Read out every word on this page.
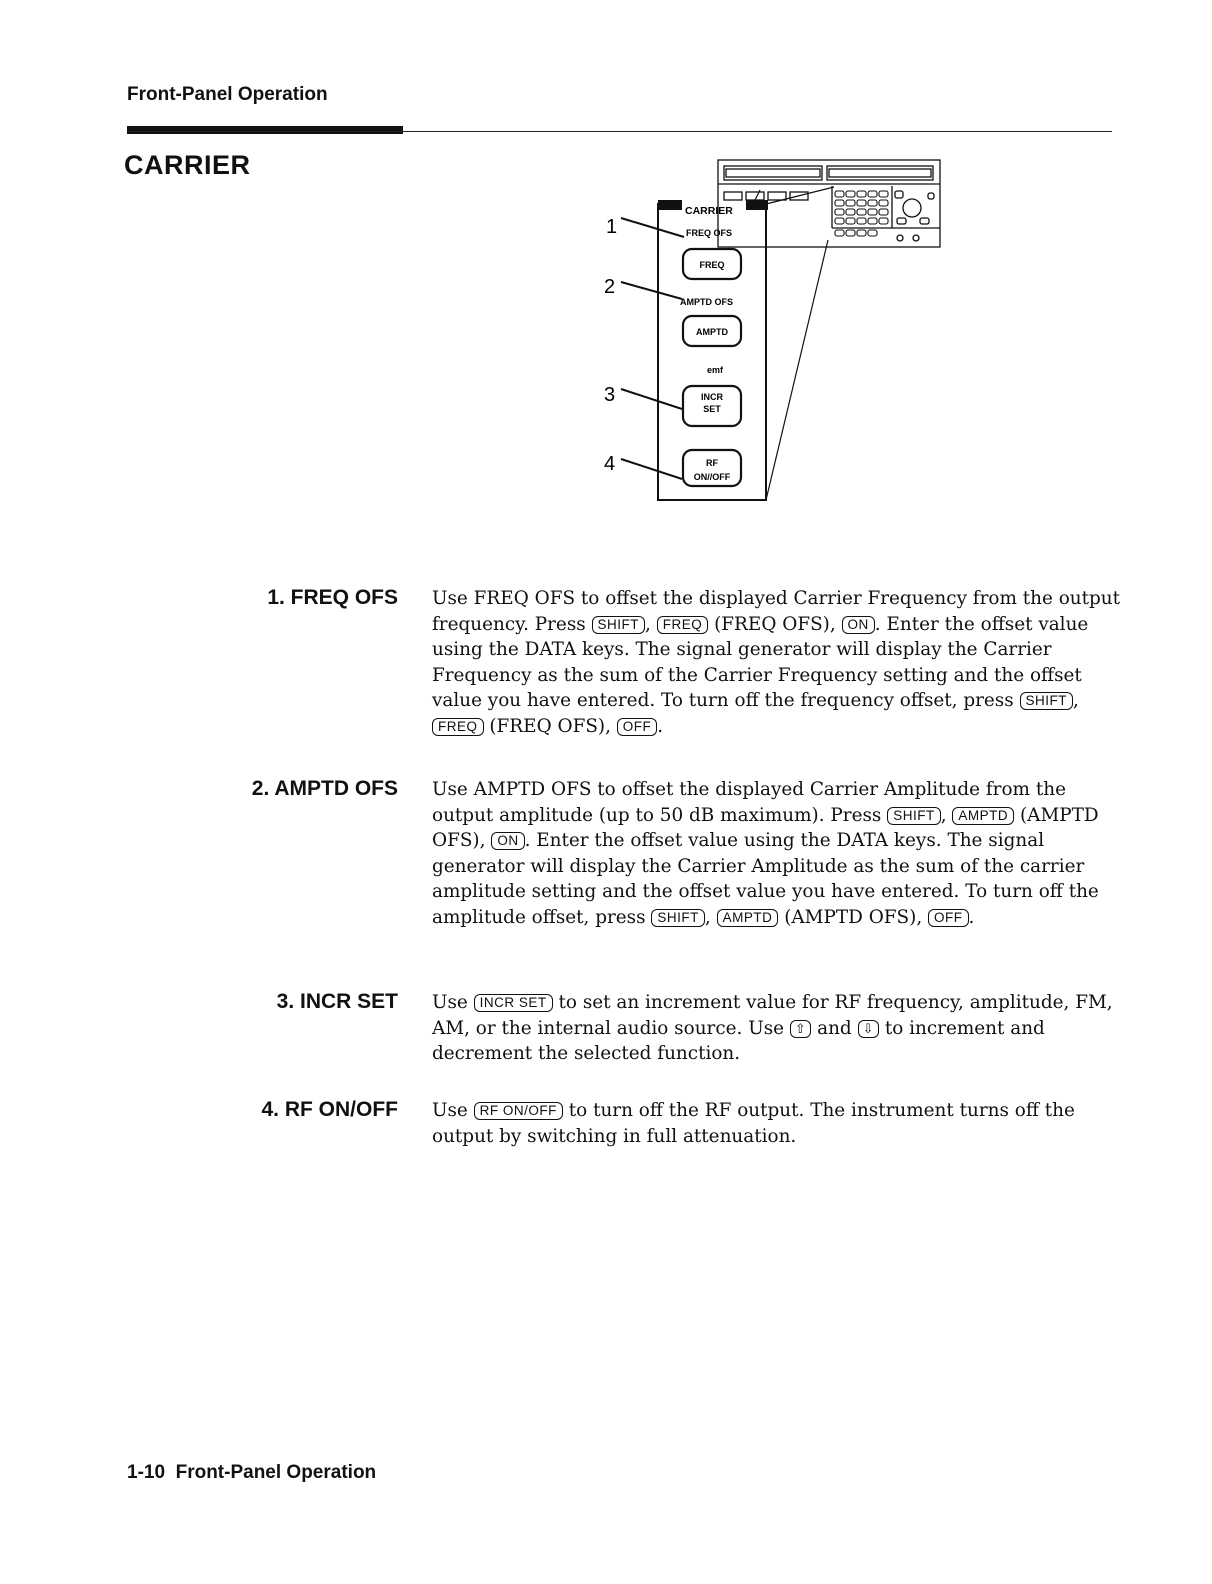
Front-Panel Operation
CARRIER
CARRIER
FREQ OFS
FREQ
AMPTD OFS
AMPTD
emf
INCR
SET
RF
ON//OFF
1
2
3
4
1. FREQ OFS Use FREQ OFS to offset the displayed Carrier Frequency from the output frequency. Press SHIFT , FREQ (FREQ OFS), ON . Enter the offset value using the DATA keys. The signal generator will display the Carrier Frequency as the sum of the Carrier Frequency setting and the offset value you have entered. To turn off the frequency offset, press SHIFT , FREQ (FREQ OFS), OFF .
2. AMPTD OFS Use AMPTD OFS to offset the displayed Carrier Amplitude from the output amplitude (up to 50 dB maximum). Press SHIFT , AMPTD (AMPTD OFS), ON . Enter the offset value using the DATA keys. The signal generator will display the Carrier Amplitude as the sum of the carrier amplitude setting and the offset value you have entered. To turn off the amplitude offset, press SHIFT , AMPTD (AMPTD OFS), OFF .
3. INCR SET Use INCR SET to set an increment value for RF frequency, amplitude, FM, AM, or the internal audio source. Use ⇧ and ⇩ to increment and decrement the selected function.
4. RF ON/OFF Use RF ON/OFF to turn off the RF output. The instrument turns off the output by switching in full attenuation.
1-10  Front-Panel Operation
